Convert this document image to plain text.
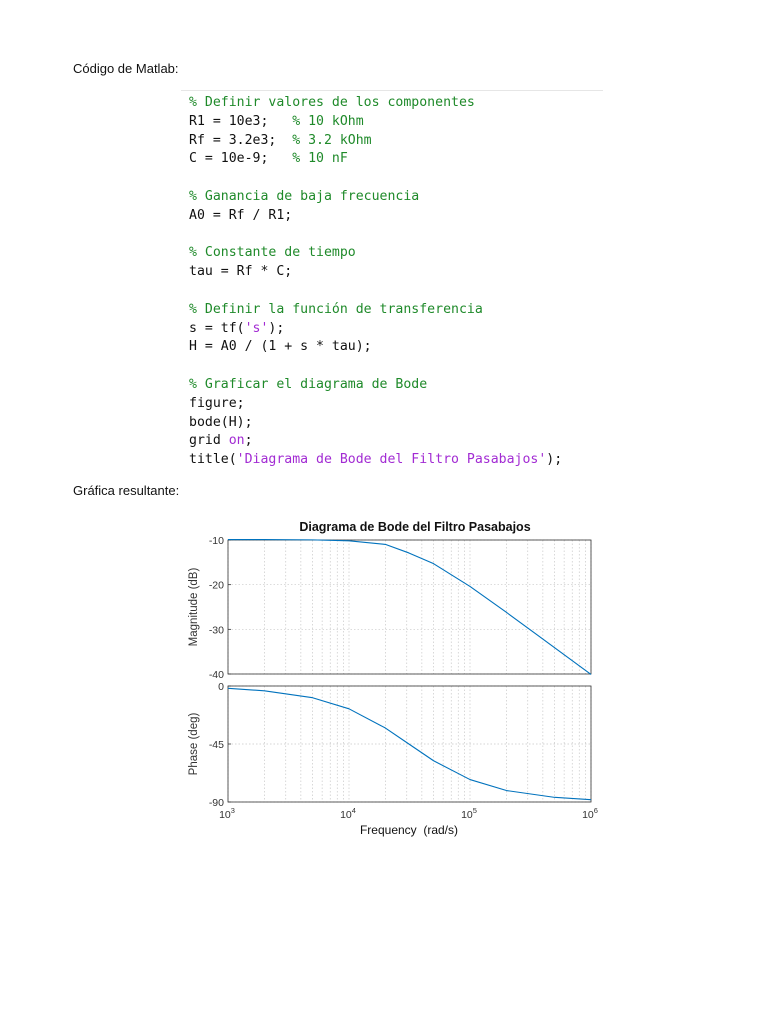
Código de Matlab:
% Definir valores de los componentes
R1 = 10e3;   % 10 kOhm
Rf = 3.2e3;  % 3.2 kOhm
C = 10e-9;   % 10 nF
% Ganancia de baja frecuencia
A0 = Rf / R1;
% Constante de tiempo
tau = Rf * C;
% Definir la función de transferencia
s = tf('s');
H = A0 / (1 + s * tau);
% Graficar el diagrama de Bode
figure;
bode(H);
grid on;
title('Diagrama de Bode del Filtro Pasabajos');
Gráfica resultante:
Diagrama de Bode del Filtro Pasabajos
-10
-20
-30
-40
Magnitude (dB)
0
-45
-90
Phase (deg)
$10^3$	$10^4$	$10^5$	$10^6$
Frequency  (rad/s)
